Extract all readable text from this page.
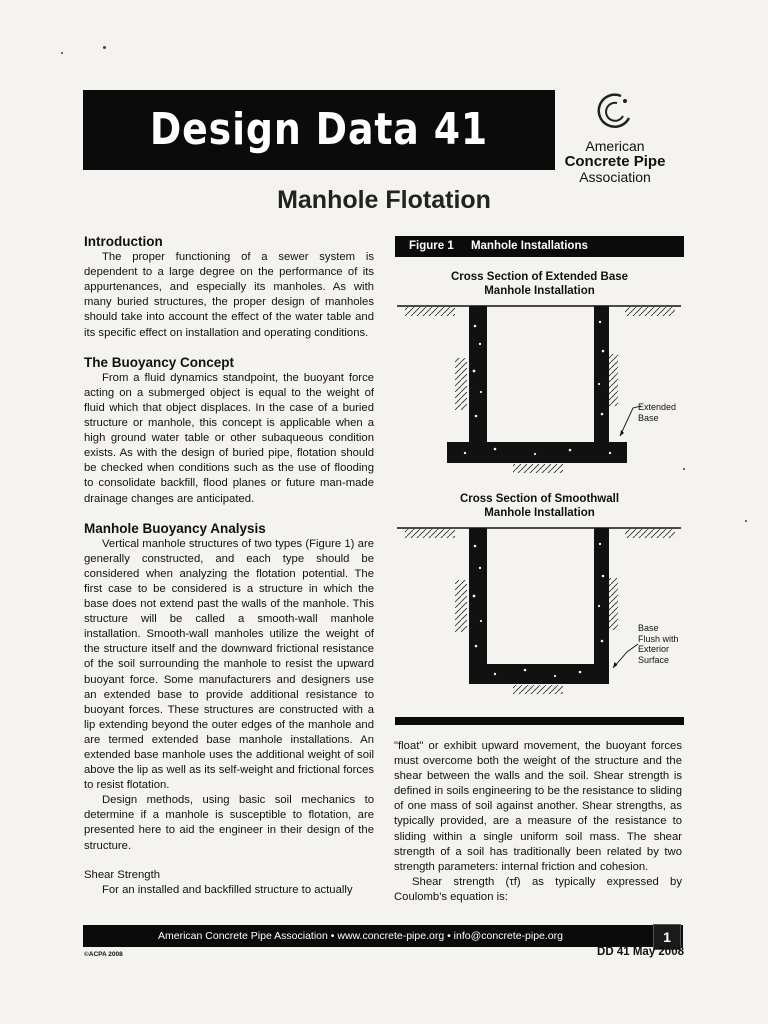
Design Data 41	American
Concrete Pipe
Association
Manhole Flotation
Introduction

The proper functioning of a sewer system is dependent to a large degree on the performance of its appurtenances, and especially its manholes. As with many buried structures, the proper design of manholes should take into account the effect of the water table and its specific effect on installation and operating conditions.

The Buoyancy Concept

From a fluid dynamics standpoint, the buoyant force acting on a submerged object is equal to the weight of fluid which that object displaces. In the case of a buried structure or manhole, this concept is applicable when a high ground water table or other subaqueous condition exists. As with the design of buried pipe, flotation should be checked when conditions such as the use of flooding to consolidate backfill, flood planes or future man-made drainage changes are anticipated.

Manhole Buoyancy Analysis

Vertical manhole structures of two types (Figure 1) are generally constructed, and each type should be considered when analyzing the flotation potential. The first case to be considered is a structure in which the base does not extend past the walls of the manhole. This structure will be called a smooth-wall manhole installation. Smooth-wall manholes utilize the weight of the structure itself and the downward frictional resistance of the soil surrounding the manhole to resist the upward buoyant force. Some manufacturers and designers use an extended base to provide additional resistance to buoyant forces. These structures are constructed with a lip extending beyond the outer edges of the manhole and are termed extended base manhole installations. An extended base manhole uses the additional weight of soil above the lip as well as its self-weight and frictional forces to resist flotation.

Design methods, using basic soil mechanics to determine if a manhole is susceptible to flotation, are presented here to aid the engineer in their design of the structure.

Shear Strength

For an installed and backfilled structure to actually

Figure 1 Manhole Installations
Cross Section of Extended Base
Manhole Installation
Cross Section of Smoothwall
Manhole Installation
Extended
Base
Base
Flush with
Exterior
Surface

"float" or exhibit upward movement, the buoyant forces must overcome both the weight of the structure and the shear between the walls and the soil. Shear strength is defined in soils engineering to be the resistance to sliding of one mass of soil against another. Shear strengths, as typically provided, are a measure of the resistance to sliding within a single uniform soil mass. The shear strength of a soil has traditionally been related by two strength parameters: internal friction and cohesion.

Shear strength (τf) as typically expressed by Coulomb's equation is:

American Concrete Pipe Association • www.concrete-pipe.org • info@concrete-pipe.org	1
©ACPA 2008	DD 41 May 2008
